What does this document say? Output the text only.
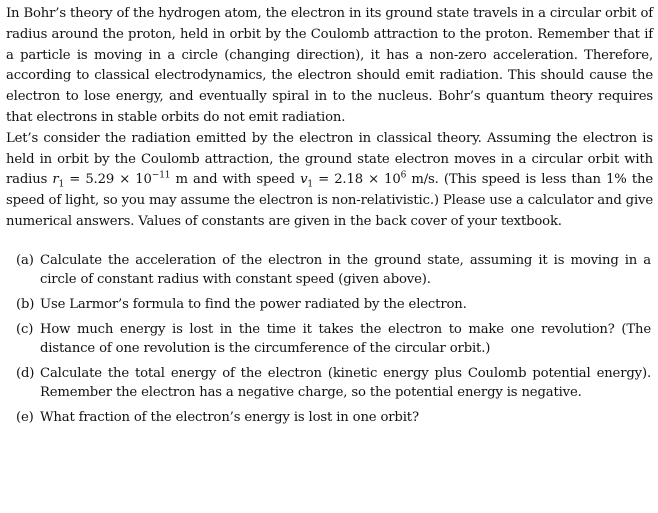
In Bohr’s theory of the hydrogen atom, the electron in its ground state travels in a circular orbit of radius around the proton, held in orbit by the Coulomb attraction to the proton. Remember that if a particle is moving in a circle (changing direction), it has a non-zero acceleration. Therefore, according to classical electrodynamics, the electron should emit radiation. This should cause the electron to lose energy, and eventually spiral in to the nucleus. Bohr’s quantum theory requires that electrons in stable orbits do not emit radiation.

Let’s consider the radiation emitted by the electron in classical theory. Assuming the electron is held in orbit by the Coulomb attraction, the ground state electron moves in a circular orbit with radius $r_1 = 5.29 \times 10^{-11}$ m and with speed $v_1 = 2.18 \times 10^6$ m/s. (This speed is less than 1% the speed of light, so you may assume the electron is non-relativistic.) Please use a calculator and give numerical answers. Values of constants are given in the back cover of your textbook.

(a) Calculate the acceleration of the electron in the ground state, assuming it is moving in a circle of constant radius with constant speed (given above).
(b) Use Larmor’s formula to find the power radiated by the electron.
(c) How much energy is lost in the time it takes the electron to make one revolution? (The distance of one revolution is the circumference of the circular orbit.)
(d) Calculate the total energy of the electron (kinetic energy plus Coulomb potential energy). Remember the electron has a negative charge, so the potential energy is negative.
(e) What fraction of the electron’s energy is lost in one orbit?
